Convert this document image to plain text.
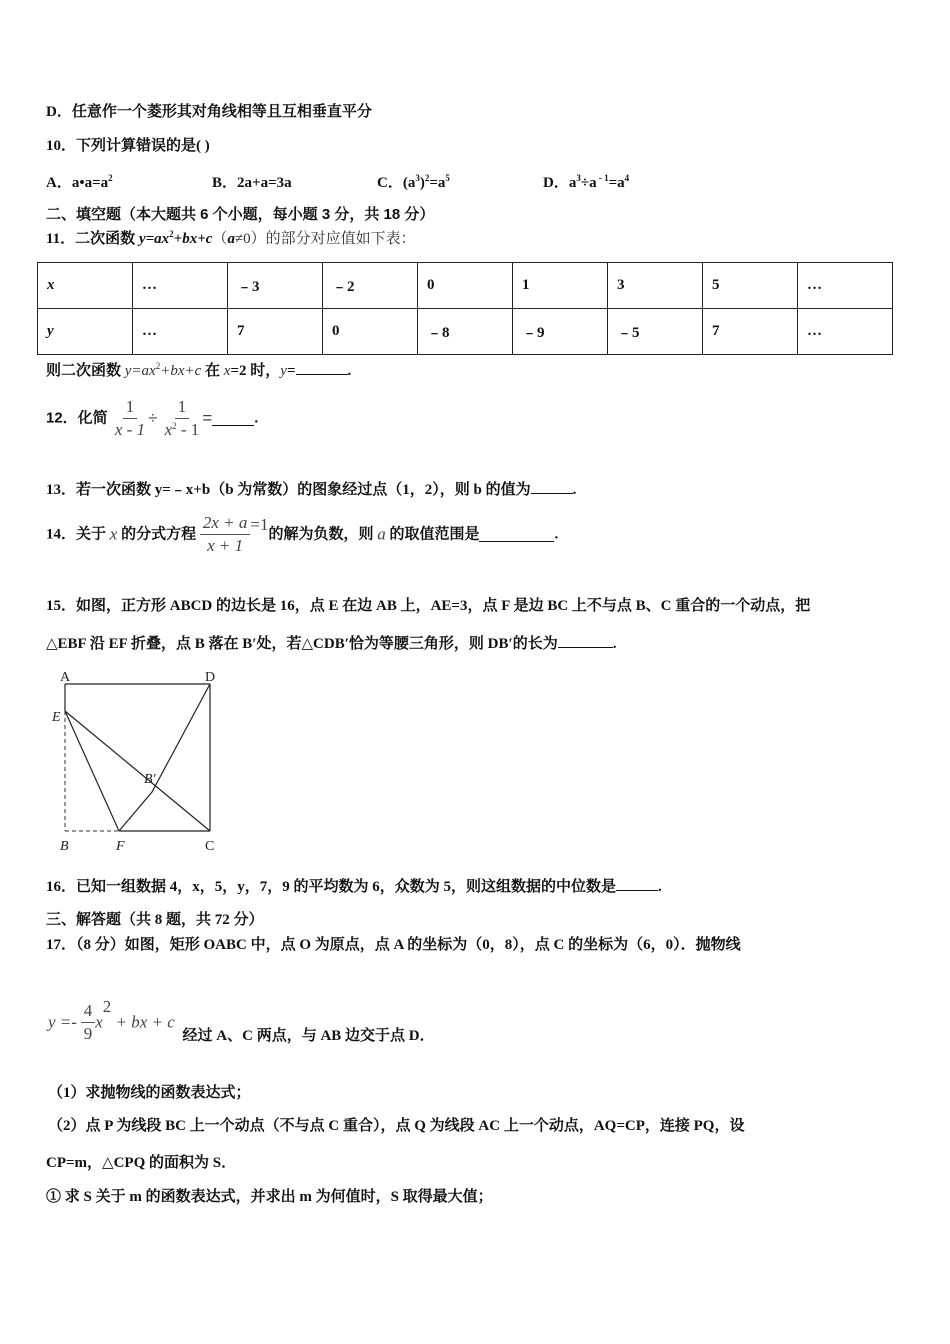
D．任意作一个菱形其对角线相等且互相垂直平分
10．下列计算错误的是( )
A．$a•a=a^2$	B．2a+a=3a	C．$(a^3)^2=a^5$	D．$a^3\div a$ $^{- 1}=a^4$
二、填空题（本大题共 6 个小题，每小题 3 分，共 18 分）
11．二次函数 $y=ax^2+bx+c(a\ne 0)$的部分对应值如下表：
x	…	﹣3	﹣2	0	1	3	5	…
y	…	7	0	﹣8	﹣9	﹣5	7	…
则二次函数 $y=ax^2+bx+c$ 在 x=2 时，y=	.
12．化简 $\frac{1}{x - 1} \div \frac{1}{x^2 - 1}$ =	.
13．若一次函数 y=﹣x+b（b 为常数）的图象经过点（1，2），则 b 的值为	.
14．关于 x 的分式方程 $\frac{2x + a}{x + 1} =1$的解为负数，则 a 的取值范围是	.
15．如图，正方形 ABCD 的边长是 16，点 E 在边 AB 上，AE=3，点 F 是边 BC 上不与点 B、C 重合的一个动点，把
△EBF 沿 EF 折叠，点 B 落在 B′处，若△CDB′恰为等腰三角形，则 DB′的长为	.
A	D
E
B′
B	F	C
16．已知一组数据 4，x，5，y，7，9 的平均数为 6，众数为 5，则这组数据的中位数是	.
三、解答题（共 8 题，共 72 分）
17．（8 分）如图，矩形 OABC 中，点 O 为原点，点 A 的坐标为（0，8），点 C 的坐标为（6，0）．抛物线
$y =- \frac{4}{9} x^2$ + bx + c 经过 A、C 两点，与 AB 边交于点 D．
（1）求抛物线的函数表达式；
（2）点 P 为线段 BC 上一个动点（不与点 C 重合），点 Q 为线段 AC 上一个动点，AQ=CP，连接 PQ，设
CP=m，△CPQ 的面积为 S．
① 求 S 关于 m 的函数表达式，并求出 m 为何值时，S 取得最大值；
